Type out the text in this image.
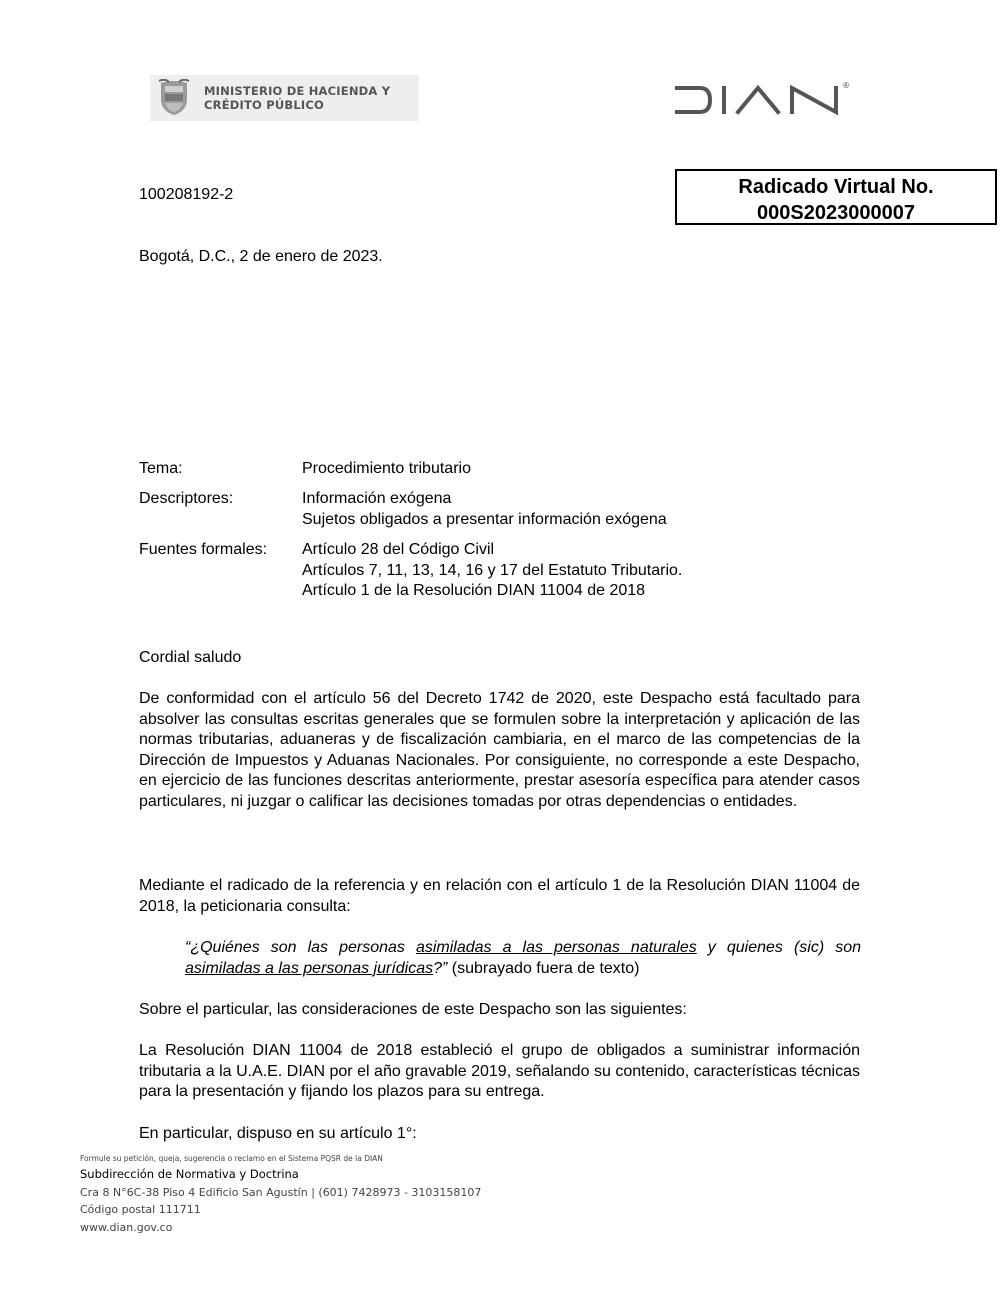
MINISTERIO DE HACIENDA Y
CRÉDITO PÚBLICO
®
100208192-2	Radicado Virtual No.
000S2023000007
Bogotá, D.C., 2 de enero de 2023.
Tema:	Procedimiento tributario
Descriptores:	Información exógena
Sujetos obligados a presentar información exógena
Fuentes formales: Artículo 28 del Código Civil
Artículos 7, 11, 13, 14, 16 y 17 del Estatuto Tributario.
Artículo 1 de la Resolución DIAN 11004 de 2018
Cordial saludo
De conformidad con el artículo 56 del Decreto 1742 de 2020, este Despacho está facultado para absolver las consultas escritas generales que se formulen sobre la interpretación y aplicación de las normas tributarias, aduaneras y de fiscalización cambiaria, en el marco de las competencias de la Dirección de Impuestos y Aduanas Nacionales. Por consiguiente, no corresponde a este Despacho, en ejercicio de las funciones descritas anteriormente, prestar asesoría específica para atender casos particulares, ni juzgar o calificar las decisiones tomadas por otras dependencias o entidades.
Mediante el radicado de la referencia y en relación con el artículo 1 de la Resolución DIAN 11004 de 2018, la peticionaria consulta:
“¿Quiénes son las personas asimiladas a las personas naturales y quienes (sic) son asimiladas a las personas jurídicas?” (subrayado fuera de texto)
Sobre el particular, las consideraciones de este Despacho son las siguientes:
La Resolución DIAN 11004 de 2018 estableció el grupo de obligados a suministrar información tributaria a la U.A.E. DIAN por el año gravable 2019, señalando su contenido, características técnicas para la presentación y fijando los plazos para su entrega.
En particular, dispuso en su artículo 1°:
Formule su petición, queja, sugerencia o reclamo en el Sistema PQSR de la DIAN
Subdirección de Normativa y Doctrina
Cra 8 N°6C-38 Piso 4 Edificio San Agustín | (601) 7428973 - 3103158107
Código postal 111711
www.dian.gov.co
